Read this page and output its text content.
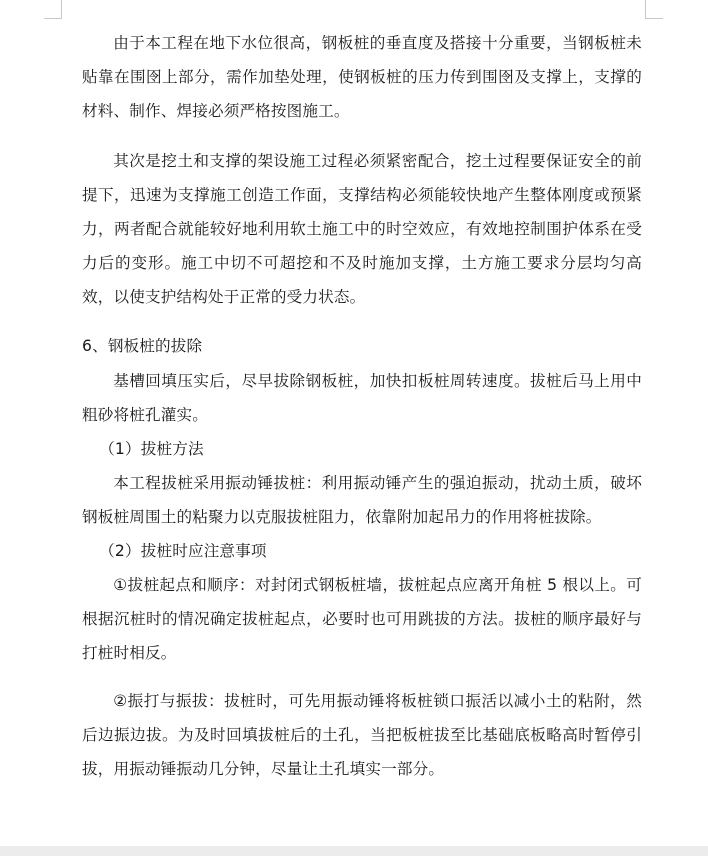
由于本工程在地下水位很高，钢板桩的垂直度及搭接十分重要，当钢板桩未贴靠在围囹上部分，需作加垫处理，使钢板桩的压力传到围囹及支撑上，支撑的材料、制作、焊接必须严格按图施工。

其次是挖土和支撑的架设施工过程必须紧密配合，挖土过程要保证安全的前提下，迅速为支撑施工创造工作面，支撑结构必须能较快地产生整体刚度或预紧力，两者配合就能较好地利用软土施工中的时空效应，有效地控制围护体系在受力后的变形。施工中切不可超挖和不及时施加支撑，土方施工要求分层均匀高效，以使支护结构处于正常的受力状态。

6、钢板桩的拔除

基槽回填压实后，尽早拔除钢板桩，加快扣板桩周转速度。拔桩后马上用中粗砂将桩孔灌实。

（1）拔桩方法

本工程拔桩采用振动锤拔桩：利用振动锤产生的强迫振动，扰动土质，破坏钢板桩周围土的粘聚力以克服拔桩阻力，依靠附加起吊力的作用将桩拔除。

（2）拔桩时应注意事项

①拔桩起点和顺序：对封闭式钢板桩墙，拔桩起点应离开角桩 5 根以上。可根据沉桩时的情况确定拔桩起点，必要时也可用跳拔的方法。拔桩的顺序最好与打桩时相反。

②振打与振拔：拔桩时，可先用振动锤将板桩锁口振活以减小土的粘附，然后边振边拔。为及时回填拔桩后的土孔，当把板桩拔至比基础底板略高时暂停引拔，用振动锤振动几分钟，尽量让土孔填实一部分。
